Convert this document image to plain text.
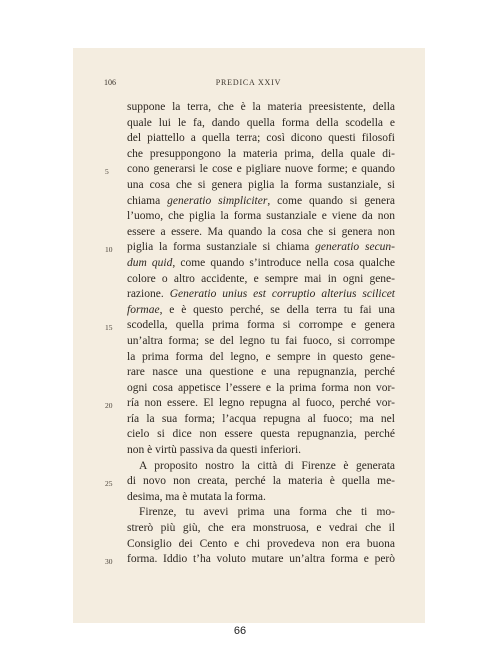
106	PREDICA XXIV
suppone la terra, che è la materia preesistente, della
quale lui le fa, dando quella forma della scodella e
del piattello a quella terra; così dicono questi filosofi
che presuppongono la materia prima, della quale di-
5 cono generarsi le cose e pigliare nuove forme; e quando
una cosa che si genera piglia la forma sustanziale, si
chiama generatio simpliciter, come quando si genera
l’uomo, che piglia la forma sustanziale e viene da non
essere a essere. Ma quando la cosa che si genera non
10 piglia la forma sustanziale si chiama generatio secun-
dum quid, come quando s’introduce nella cosa qualche
colore o altro accidente, e sempre mai in ogni gene-
razione. Generatio unius est corruptio alterius scilicet
formae, e è questo perché, se della terra tu fai una
15 scodella, quella prima forma si corrompe e genera
un’altra forma; se del legno tu fai fuoco, si corrompe
la prima forma del legno, e sempre in questo gene-
rare nasce una questione e una repugnanzia, perché
ogni cosa appetisce l’essere e la prima forma non vor-
20 ría non essere. El legno repugna al fuoco, perché vor-
ría la sua forma; l’acqua repugna al fuoco; ma nel
cielo si dice non essere questa repugnanzia, perché
non è virtù passiva da questi inferiori.
A proposito nostro la città di Firenze è generata
25 di novo non creata, perché la materia è quella me-
desima, ma è mutata la forma.
Firenze, tu avevi prima una forma che ti mo-
strerò più giù, che era monstruosa, e vedrai che il
Consiglio dei Cento e chi provedeva non era buona
30 forma. Iddio t’ha voluto mutare un’altra forma e però
66
